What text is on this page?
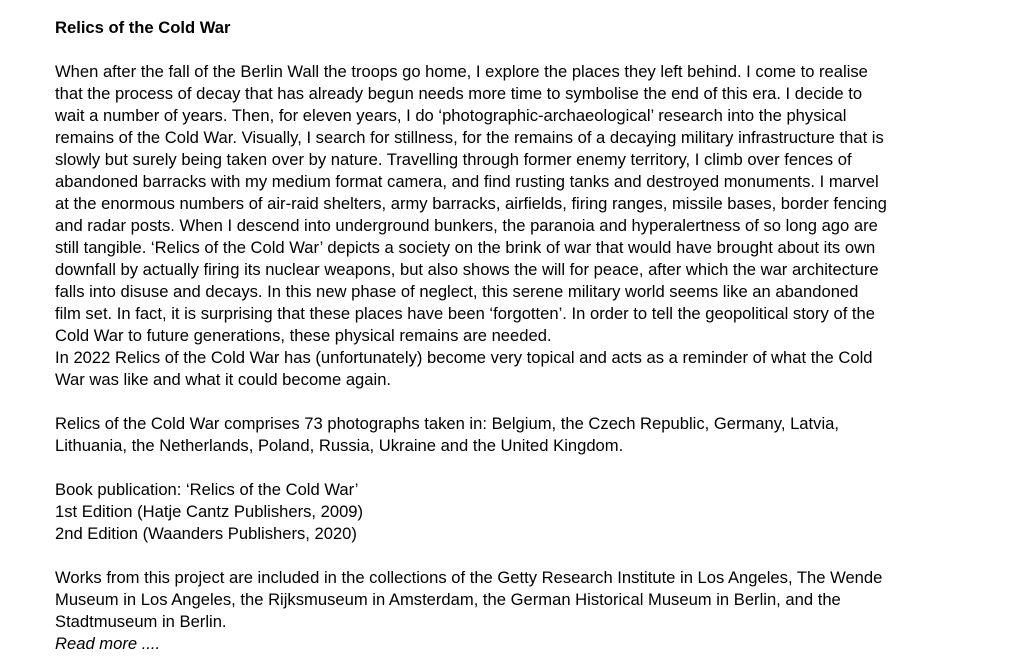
Relics of the Cold War

When after the fall of the Berlin Wall the troops go home, I explore the places they left behind. I come to realise

that the process of decay that has already begun needs more time to symbolise the end of this era. I decide to

wait a number of years. Then, for eleven years, I do ‘photographic-archaeological’ research into the physical

remains of the Cold War. Visually, I search for stillness, for the remains of a decaying military infrastructure that is

slowly but surely being taken over by nature. Travelling through former enemy territory, I climb over fences of

abandoned barracks with my medium format camera, and find rusting tanks and destroyed monuments. I marvel

at the enormous numbers of air-raid shelters, army barracks, airfields, firing ranges, missile bases, border fencing

and radar posts. When I descend into underground bunkers, the paranoia and hyperalertness of so long ago are

still tangible. ‘Relics of the Cold War’ depicts a society on the brink of war that would have brought about its own

downfall by actually firing its nuclear weapons, but also shows the will for peace, after which the war architecture

falls into disuse and decays. In this new phase of neglect, this serene military world seems like an abandoned

film set. In fact, it is surprising that these places have been ‘forgotten’. In order to tell the geopolitical story of the

Cold War to future generations, these physical remains are needed.

In 2022 Relics of the Cold War has (unfortunately) become very topical and acts as a reminder of what the Cold

War was like and what it could become again.

Relics of the Cold War comprises 73 photographs taken in: Belgium, the Czech Republic, Germany, Latvia,

Lithuania, the Netherlands, Poland, Russia, Ukraine and the United Kingdom.

Book publication: ‘Relics of the Cold War’

1st Edition (Hatje Cantz Publishers, 2009)

2nd Edition (Waanders Publishers, 2020)

Works from this project are included in the collections of the Getty Research Institute in Los Angeles, The Wende

Museum in Los Angeles, the Rijksmuseum in Amsterdam, the German Historical Museum in Berlin, and the

Stadtmuseum in Berlin.

Read more ....
